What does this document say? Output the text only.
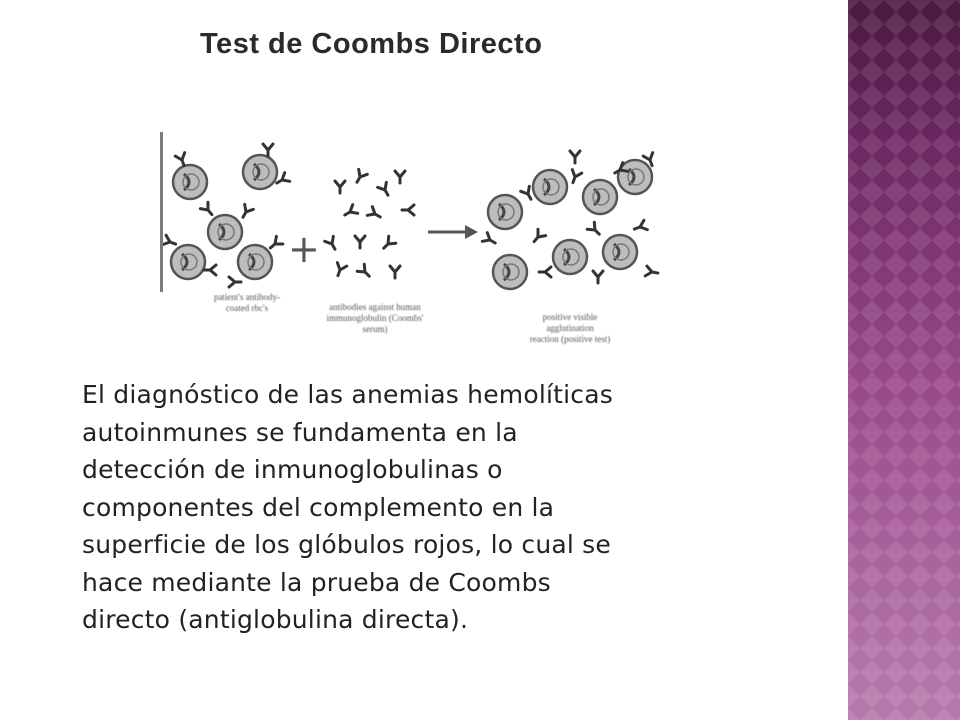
Test de Coombs Directo
+
patient's antibody-
coated rbc's	antibodies against human
immunoglobulin (Coombs'
serum)
positive visible
agglutination
reaction (positive test)
El diagnóstico de las anemias hemolíticas
autoinmunes se fundamenta en la
detección de inmunoglobulinas o
componentes del complemento en la
superficie de los glóbulos rojos, lo cual se
hace mediante la prueba de Coombs
directo (antiglobulina directa).
